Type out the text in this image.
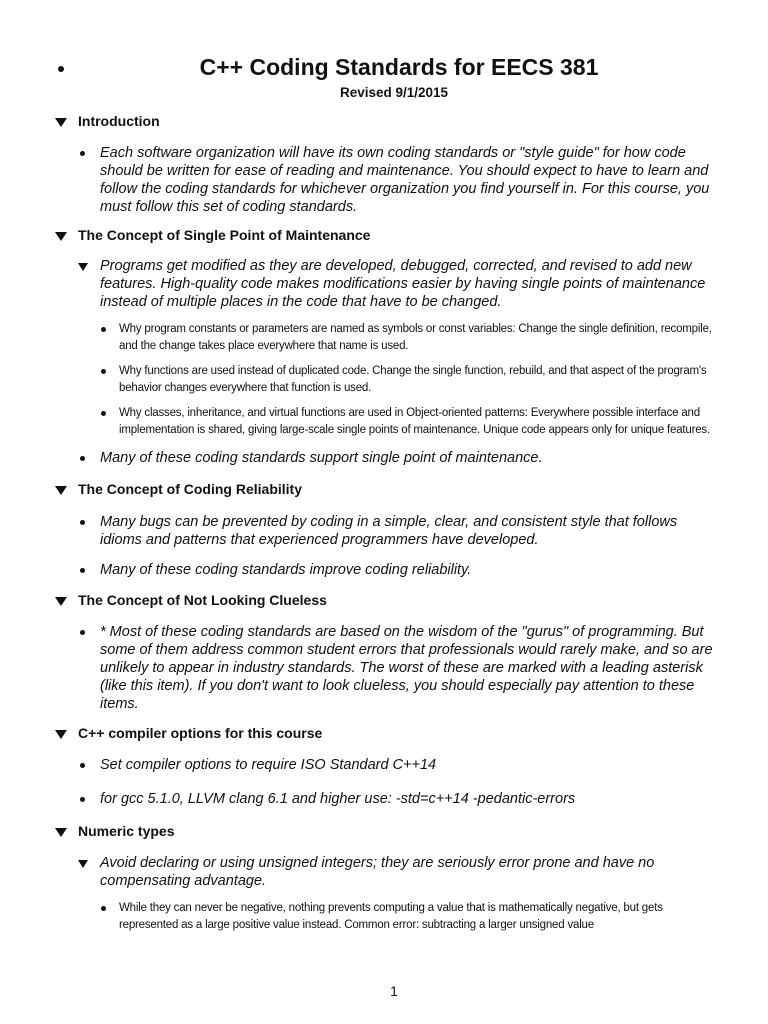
C++ Coding Standards for EECS 381
Revised 9/1/2015
Introduction
Each software organization will have its own coding standards or "style guide" for how code should be written for ease of reading and maintenance. You should expect to have to learn and follow the coding standards for whichever organization you find yourself in. For this course, you must follow this set of coding standards.
The Concept of Single Point of Maintenance
Programs get modified as they are developed, debugged, corrected, and revised to add new features. High-quality code makes modifications easier by having single points of maintenance instead of multiple places in the code that have to be changed.
Why program constants or parameters are named as symbols or const variables: Change the single definition, recompile, and the change takes place everywhere that name is used.
Why functions are used instead of duplicated code. Change the single function, rebuild, and that aspect of the program's behavior changes everywhere that function is used.
Why classes, inheritance, and virtual functions are used in Object-oriented patterns: Everywhere possible interface and implementation is shared, giving large-scale single points of maintenance. Unique code appears only for unique features.
Many of these coding standards support single point of maintenance.
The Concept of Coding Reliability
Many bugs can be prevented by coding in a simple, clear, and consistent style that follows idioms and patterns that experienced programmers have developed.
Many of these coding standards improve coding reliability.
The Concept of Not Looking Clueless
* Most of these coding standards are based on the wisdom of the "gurus" of programming. But some of them address common student errors that professionals would rarely make, and so are unlikely to appear in industry standards. The worst of these are marked with a leading asterisk (like this item). If you don't want to look clueless, you should especially pay attention to these items.
C++ compiler options for this course
Set compiler options to require ISO Standard C++14
for gcc 5.1.0, LLVM clang 6.1 and higher use: -std=c++14 -pedantic-errors
Numeric types
Avoid declaring or using unsigned integers; they are seriously error prone and have no compensating advantage.
While they can never be negative, nothing prevents computing a value that is mathematically negative, but gets represented as a large positive value instead. Common error: subtracting a larger unsigned value
1
